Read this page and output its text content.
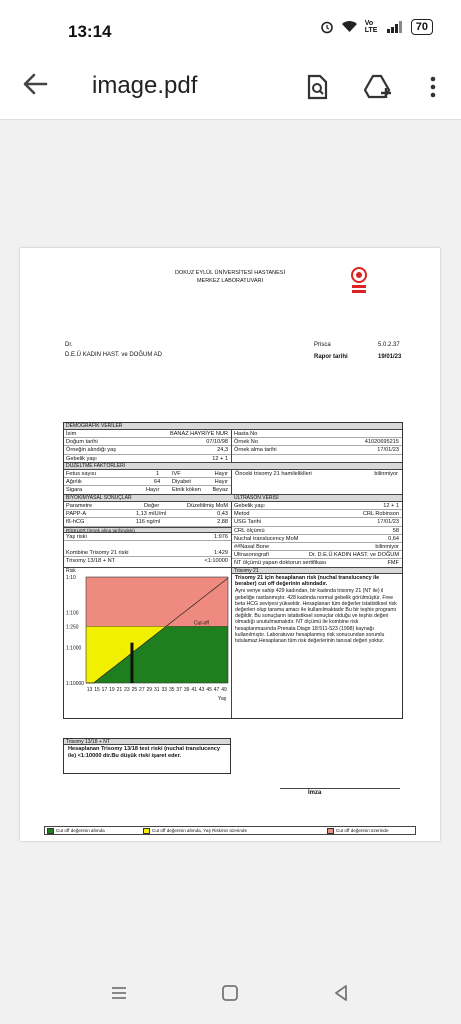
13:14	Vo LTE	70
image.pdf
DOKUZ EYLÜL ÜNİVERSİTESİ HASTANESİ
MERKEZ LABORATUVARI
Dr.
D.E.Ü KADIN HAST. ve DOĞUM AD
Prisca	5.0.2.37
Rapor tarihi	19/01/23
DEMOGRAFİK VERİLER
İsim	BANAZ HAYRİYE NUR
Doğum tarihi	07/10/98
Örneğin alındığı yaş	24,3
Gebelik yaşı	12 + 1
Hasta No
Örnek No	41020695215
Örnek alma tarihi	17/01/23
DÜZELTME FAKTÖRLERİ
Fetus sayısı	1 IVF	Hayır
Ağırlık	64 Diyabet	Hayır
Sigara	Hayır Etnik köken Beyaz
Önceki trisomy 21 hamileliklleri	bilinmiyor
BİYOKİMYASAL SONUÇLAR	ULTRASON VERİSİ
Parametre	Değer	Düzeltilmiş MoM
PAPP-A	1,13 mIU/ml	0,43
fß-hCG	116 ng/ml	2,88
RİSKLER (örnek alma tarihindeki)
Yaş riski	1:976
Kombine Trisomy 21 riski	1:429
Trisomy 13/18 + NT	<1:10000
Gebelik yaşı	12 + 1
Metod	CRL Robinson
USG Tarihi	17/01/23
CRL ölçümü	58
Nuchal translucency MoM	0,64
##Nasal Bone	bilinmiyor
Ultrasonografi	Dr. D.E.Ü KADIN HAST. ve DOĞUM
NT ölçümü yapan doktorun sertifikası	FMF
Risk
Cut-off
1:10
1:100
1:250
1:1000
1:10000
13 15 17 19 21 23 25 27 29 31 33 35 37 39 41 43 45 47 49
Yaş
Trisomy 21
Trisomy 21 için hesaplanan risk (nuchal translucency ile beraber) cut off değerinin altındadır.
Aynı veriye sahip 429 kadından, bir kadında trisomy 21 (NT ile) il gebeliğe rastlanmıştır. 428 kadında normal gebelik görülmüştür. Free beta HCG seviyesi yüksektir. Hesaplanan tüm değerler istatistiksel risk değerleri olup tarama amacı ile kullanılmaktadır Bu bir teşhis programı değildir. Bu sonuçların istatistiksel sonuçlar olduğu ve teşhis değeri olmadığı unutulmamalıdır. NT ölçümü ile kombine risk hesaplanmasında Prenata Diagn 18:511-523 (1998) kaynağı kullanılmıştır. Laboratuvar hesaplanmış risk sonucundan sorumlu tutulamaz.Hesaplanan tüm risk değerlerinin tanısal değeri yoktur.
Trisomy 13/18 + NT
Hesaplanan Trisomy 13/18 test riski (nuchal translucency ile) <1:10000 dir.Bu düşük riski işaret eder.
İmza
Cut off değerinin altında	Cut off değerinin altında, Yaş Riskinin üzerinde	Cut off değerinin üzerinde
